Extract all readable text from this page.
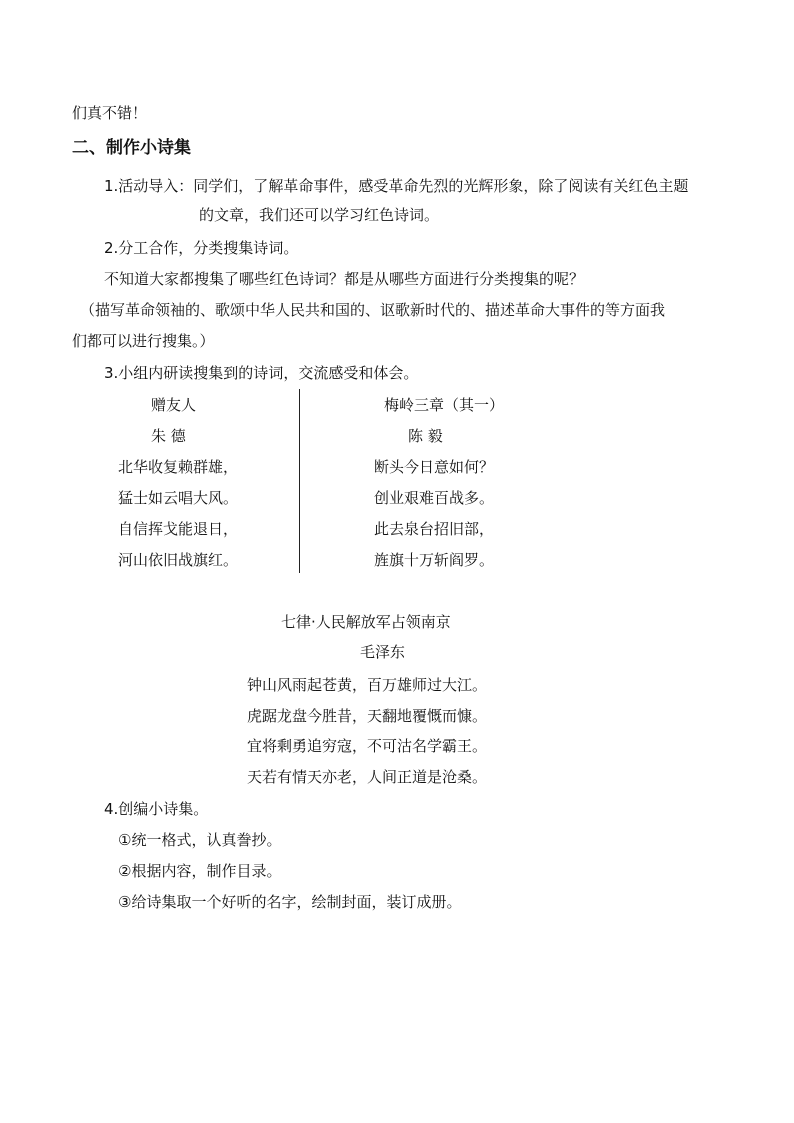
们真不错！
二、制作小诗集
1.活动导入：同学们，了解革命事件，感受革命先烈的光辉形象，除了阅读有关红色主题
的文章，我们还可以学习红色诗词。
2.分工合作，分类搜集诗词。
不知道大家都搜集了哪些红色诗词？都是从哪些方面进行分类搜集的呢？
（描写革命领袖的、歌颂中华人民共和国的、讴歌新时代的、描述革命大事件的等方面我
们都可以进行搜集。）
3.小组内研读搜集到的诗词，交流感受和体会。
赠友人
朱 德
北华收复赖群雄，
猛士如云唱大风。
自信挥戈能退日，
河山依旧战旗红。
梅岭三章（其一）
陈 毅
断头今日意如何？
创业艰难百战多。
此去泉台招旧部，
旌旗十万斩阎罗。
七律·人民解放军占领南京
毛泽东
钟山风雨起苍黄，百万雄师过大江。
虎踞龙盘今胜昔，天翻地覆慨而慷。
宜将剩勇追穷寇，不可沽名学霸王。
天若有情天亦老，人间正道是沧桑。
4.创编小诗集。
①统一格式，认真誊抄。
②根据内容，制作目录。
③给诗集取一个好听的名字，绘制封面，装订成册。
